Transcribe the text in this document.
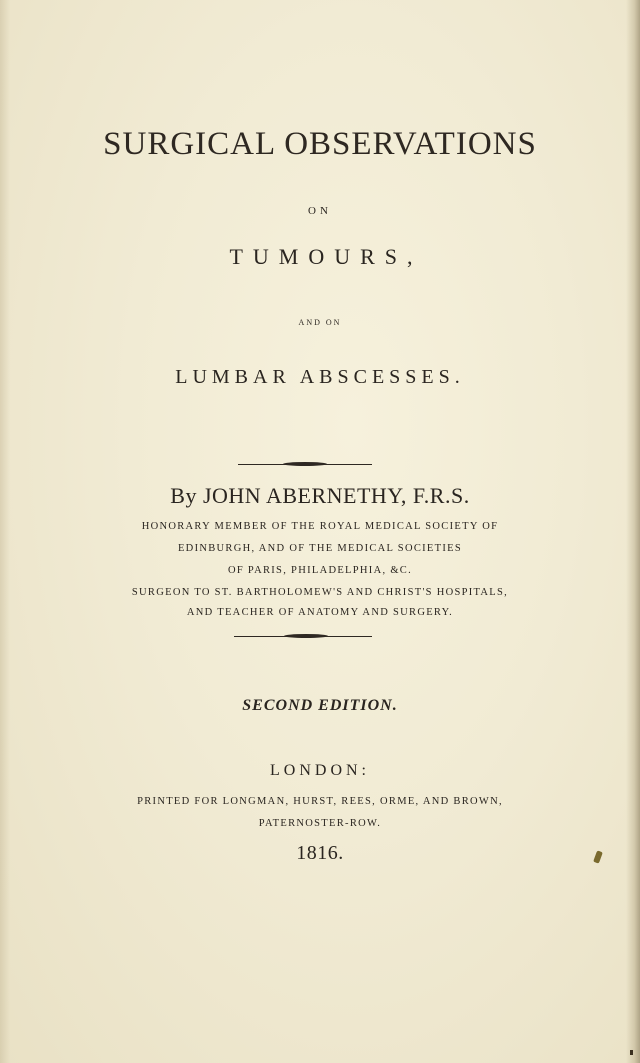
SURGICAL OBSERVATIONS
ON
TUMOURS,
AND ON
LUMBAR ABSCESSES.
By JOHN ABERNETHY, F.R.S.
HONORARY MEMBER OF THE ROYAL MEDICAL SOCIETY OF
EDINBURGH, AND OF THE MEDICAL SOCIETIES
OF PARIS, PHILADELPHIA, &C.
SURGEON TO ST. BARTHOLOMEW'S AND CHRIST'S HOSPITALS,
AND TEACHER OF ANATOMY AND SURGERY.
SECOND EDITION.
LONDON:
PRINTED FOR LONGMAN, HURST, REES, ORME, AND BROWN,
PATERNOSTER-ROW.
1816.
